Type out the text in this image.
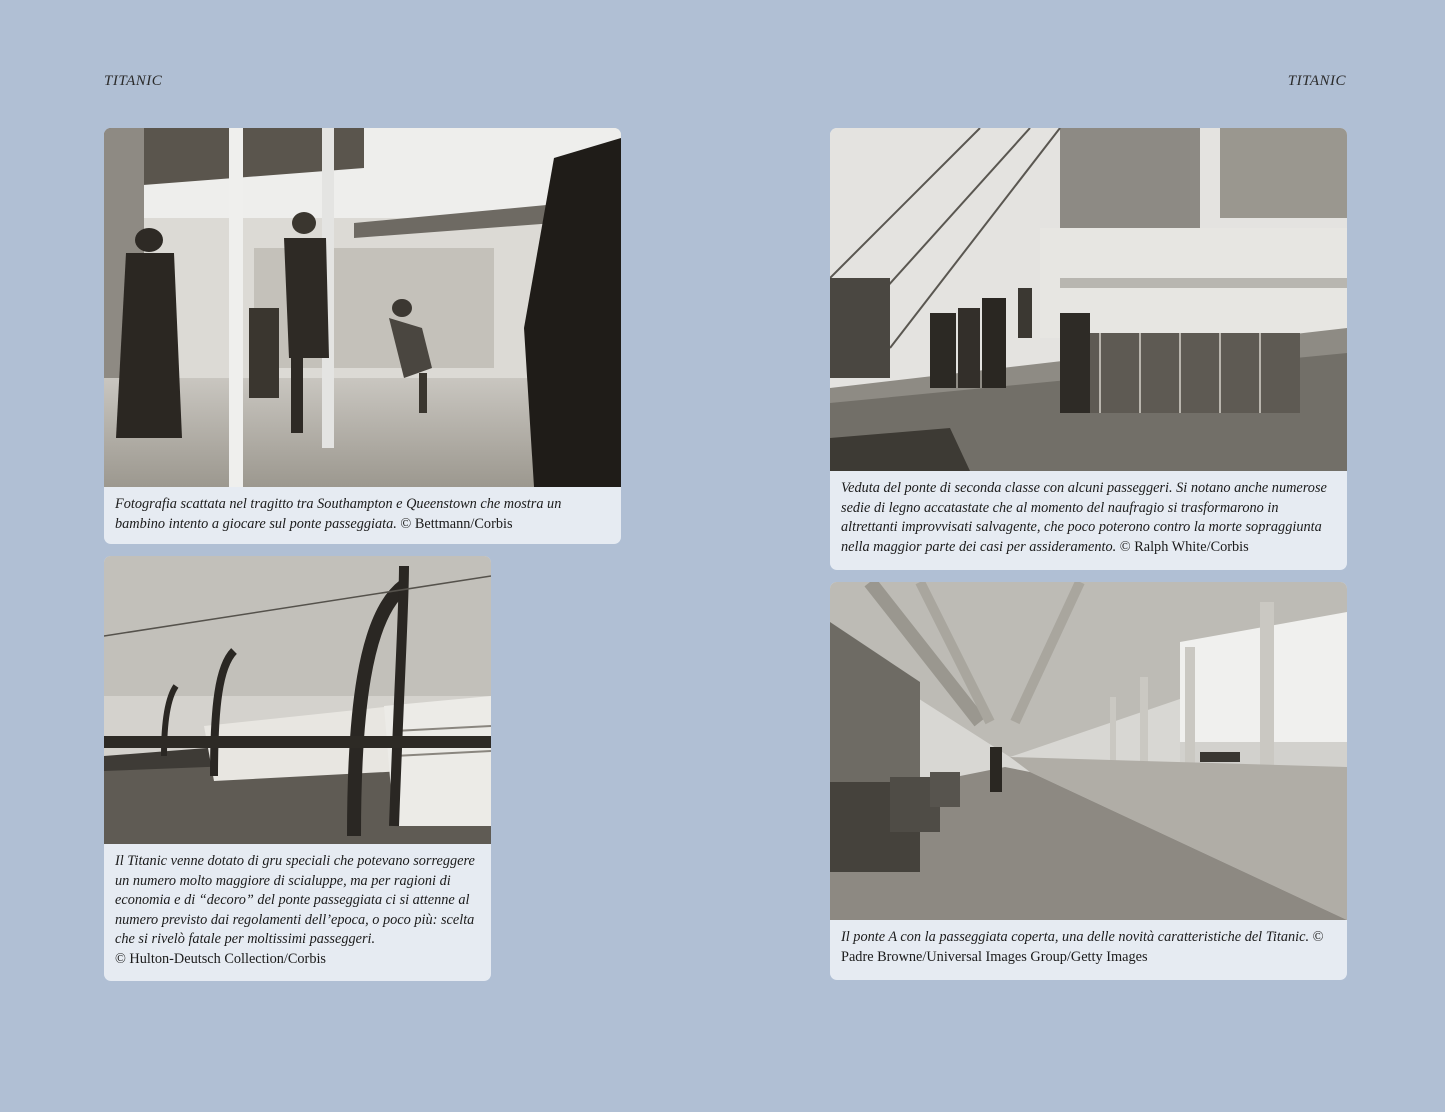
TITANIC	TITANIC
Fotografia scattata nel tragitto tra Southampton e Queenstown che mostra un bambino intento a giocare sul ponte passeggiata. © Bettmann/Corbis
Il Titanic venne dotato di gru speciali che potevano sorreggere un numero molto maggiore di scialuppe, ma per ragioni di economia e di “decoro” del ponte passeggiata ci si attenne al numero previsto dai regolamenti dell’epoca, o poco più: scelta che si rivelò fatale per moltissimi passeggeri.
© Hulton-Deutsch Collection/Corbis
Veduta del ponte di seconda classe con alcuni passeggeri. Si notano anche numerose sedie di legno accatastate che al momento del naufragio si trasformarono in altrettanti improvvisati salvagente, che poco poterono contro la morte sopraggiunta nella maggior parte dei casi per assideramento. © Ralph White/Corbis
Il ponte A con la passeggiata coperta, una delle novità caratteristiche del Titanic. © Padre Browne/Universal Images Group/Getty Images
